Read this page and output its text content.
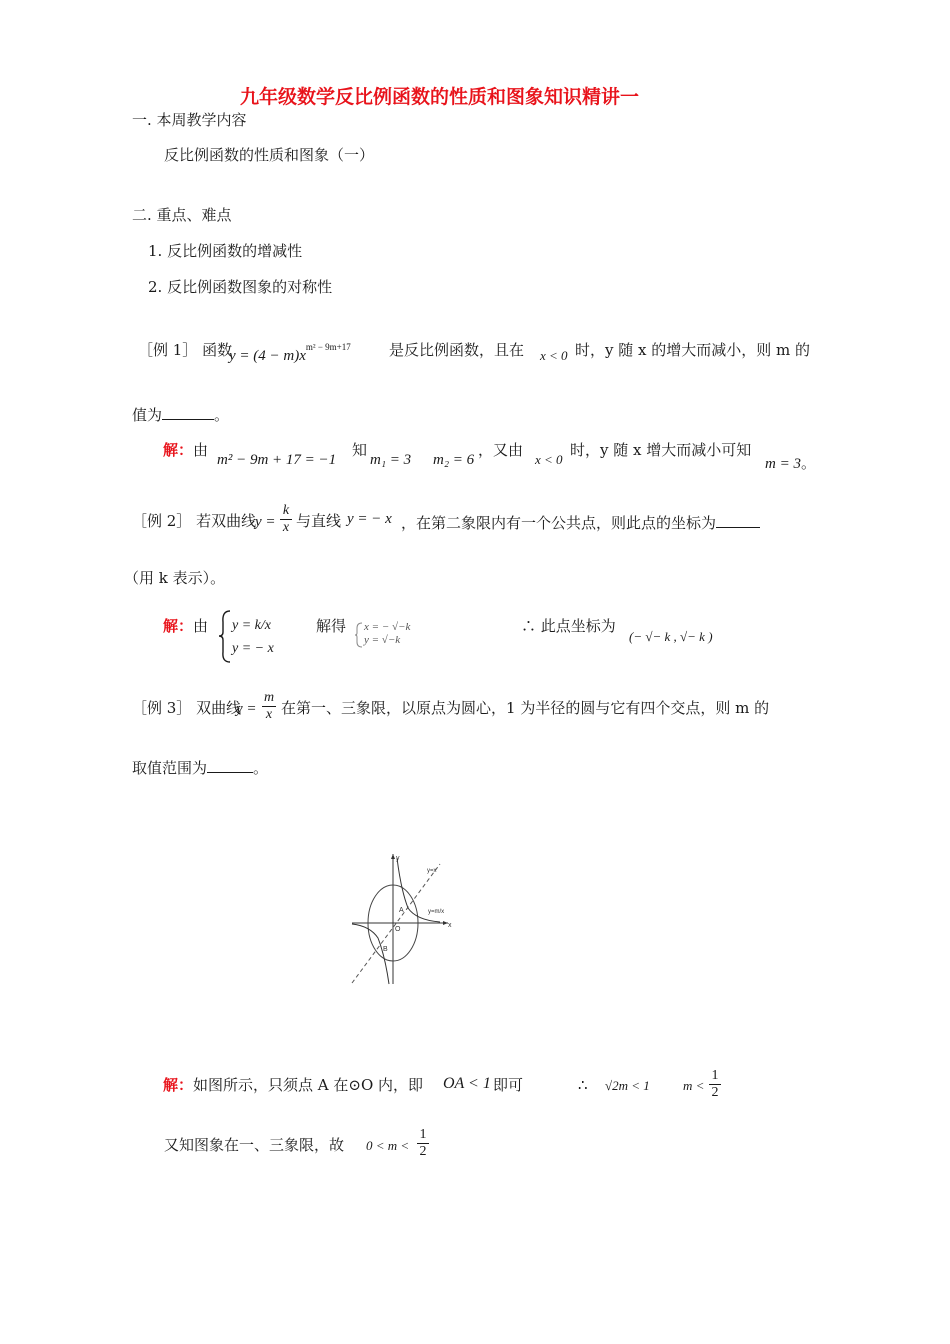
九年级数学反比例函数的性质和图象知识精讲一
一. 本周教学内容
反比例函数的性质和图象（一）
二. 重点、难点
1. 反比例函数的增减性
2. 反比例函数图象的对称性
［例 1］ 函数
$y = (4 - m)x^{m^2 - 9m+17}$	是反比例函数，且在 x < 0 时，y 随 x 的增大而减小，则 m 的
值为	。
解：由
m² − 9m + 17 = −1
知
m₁ = 3 m₂ = 6
，又由
x < 0
时，y 随 x 增大而减小可知
m = 3。
［例 2］ 若双曲线
y =
k
x 与直线 y = − x ，在第二象限内有一个公共点，则此点的坐标为
（用 k 表示）。
解：由 y = k/x
y = − x
解得 x = − √−k
y = √−k
∴ 此点坐标为
(− √− k , √− k )
［例 3］ 双曲线
y =
m
x 在第一、三象限，以原点为圆心，1 为半径的圆与它有四个交点，则 m 的
取值范围为	。
y
x
O
y=x
y=m/x
A
B
解：如图所示，只须点 A 在⊙O 内，即 OA < 1 即可	∴ √2m < 1	m <
1
2
又知图象在一、三象限，故 0 < m <
1
2
